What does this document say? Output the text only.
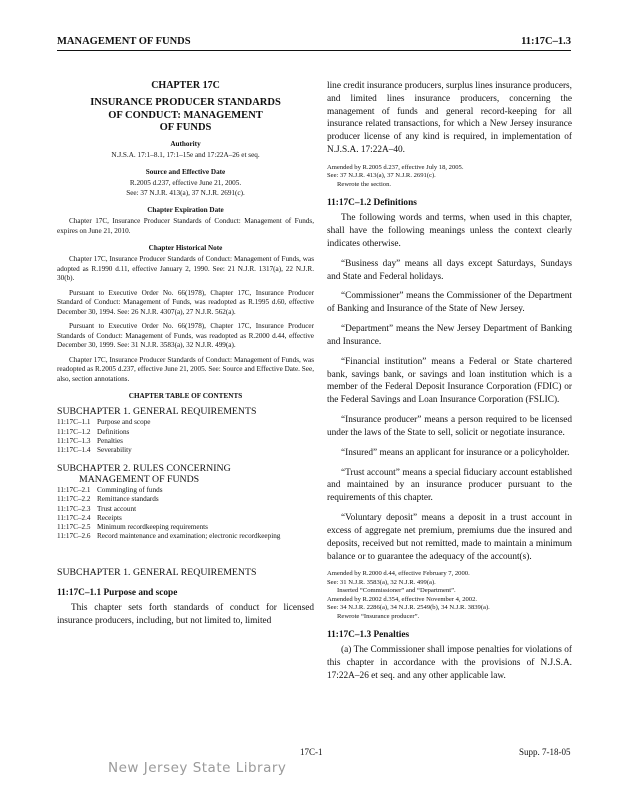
MANAGEMENT OF FUNDS	11:17C–1.3
CHAPTER 17C
INSURANCE PRODUCER STANDARDS
OF CONDUCT: MANAGEMENT
OF FUNDS
Authority
N.J.S.A. 17:1–8.1, 17:1–15e and 17:22A–26 et seq.
Source and Effective Date
R.2005 d.237, effective June 21, 2005.
See: 37 N.J.R. 413(a), 37 N.J.R. 2691(c).
Chapter Expiration Date

Chapter 17C, Insurance Producer Standards of Conduct: Management of Funds, expires on June 21, 2010.

Chapter Historical Note

Chapter 17C, Insurance Producer Standards of Conduct: Management of Funds, was adopted as R.1990 d.11, effective January 2, 1990. See: 21 N.J.R. 1317(a), 22 N.J.R. 30(b).

Pursuant to Executive Order No. 66(1978), Chapter 17C, Insurance Producer Standard of Conduct: Management of Funds, was readopted as R.1995 d.60, effective December 30, 1994. See: 26 N.J.R. 4307(a), 27 N.J.R. 562(a).

Pursuant to Executive Order No. 66(1978), Chapter 17C, Insurance Producer Standards of Conduct: Management of Funds, was readopted as R.2000 d.44, effective December 30, 1999. See: 31 N.J.R. 3583(a), 32 N.J.R. 499(a).

Chapter 17C, Insurance Producer Standards of Conduct: Management of Funds, was readopted as R.2005 d.237, effective June 21, 2005. See: Source and Effective Date. See, also, section annotations.

CHAPTER TABLE OF CONTENTS
SUBCHAPTER 1. GENERAL REQUIREMENTS
11:17C–1.1 Purpose and scope
11:17C–1.2 Definitions
11:17C–1.3 Penalties
11:17C–1.4 Severability
SUBCHAPTER 2. RULES CONCERNING
MANAGEMENT OF FUNDS
11:17C–2.1 Commingling of funds
11:17C–2.2 Remittance standards
11:17C–2.3 Trust account
11:17C–2.4 Receipts
11:17C–2.5 Minimum recordkeeping requirements
11:17C–2.6 Record maintenance and examination; electronic recordkeeping
SUBCHAPTER 1. GENERAL REQUIREMENTS
11:17C–1.1 Purpose and scope
This chapter sets forth standards of conduct for licensed insurance producers, including, but not limited to, limited
line credit insurance producers, surplus lines insurance producers, and limited lines insurance producers, concerning the management of funds and general record-keeping for all insurance related transactions, for which a New Jersey insurance producer license of any kind is required, in implementation of N.J.S.A. 17:22A–40.
Amended by R.2005 d.237, effective July 18, 2005.
See: 37 N.J.R. 413(a), 37 N.J.R. 2691(c).
Rewrote the section.
11:17C–1.2 Definitions
The following words and terms, when used in this chapter, shall have the following meanings unless the context clearly indicates otherwise.
“Business day” means all days except Saturdays, Sundays and State and Federal holidays.
“Commissioner” means the Commissioner of the Department of Banking and Insurance of the State of New Jersey.
“Department” means the New Jersey Department of Banking and Insurance.
“Financial institution” means a Federal or State chartered bank, savings bank, or savings and loan institution which is a member of the Federal Deposit Insurance Corporation (FDIC) or the Federal Savings and Loan Insurance Corporation (FSLIC).
“Insurance producer” means a person required to be licensed under the laws of the State to sell, solicit or negotiate insurance.
“Insured” means an applicant for insurance or a policyholder.
“Trust account” means a special fiduciary account established and maintained by an insurance producer pursuant to the requirements of this chapter.
“Voluntary deposit” means a deposit in a trust account in excess of aggregate net premium, premiums due the insured and deposits, received but not remitted, made to maintain a minimum balance or to guarantee the adequacy of the account(s).
Amended by R.2000 d.44, effective February 7, 2000.
See: 31 N.J.R. 3583(a), 32 N.J.R. 499(a).
Inserted “Commissioner” and “Department”.
Amended by R.2002 d.354, effective November 4, 2002.
See: 34 N.J.R. 2286(a), 34 N.J.R. 2549(b), 34 N.J.R. 3839(a).
Rewrote “Insurance producer”.
11:17C–1.3 Penalties
(a) The Commissioner shall impose penalties for violations of this chapter in accordance with the provisions of N.J.S.A. 17:22A–26 et seq. and any other applicable law.
17C-1	Supp. 7-18-05
New Jersey State Library
